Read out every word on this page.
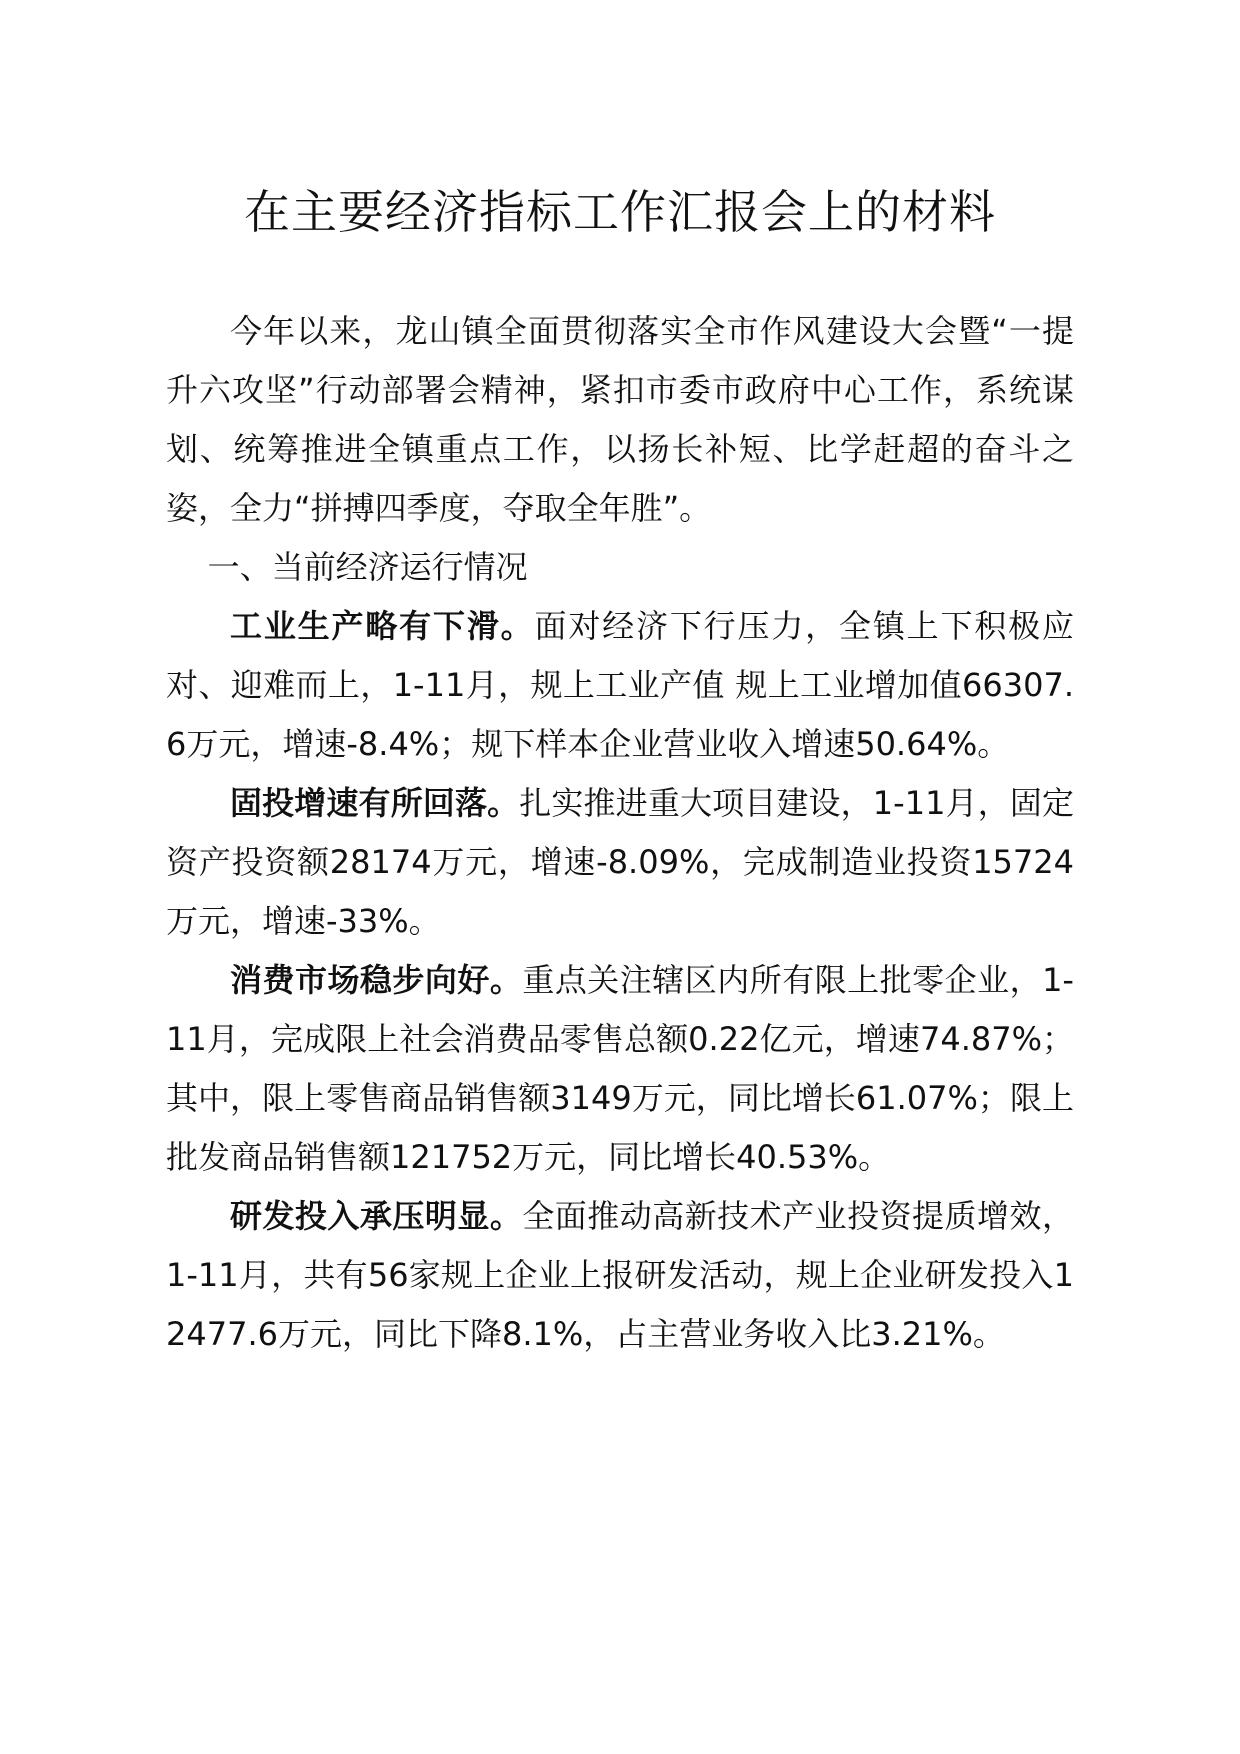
在主要经济指标工作汇报会上的材料

今年以来，龙山镇全面贯彻落实全市作风建设大会暨“一提升六攻坚”行动部署会精神，紧扣市委市政府中心工作，系统谋划、统筹推进全镇重点工作，以扬长补短、比学赶超的奋斗之姿，全力“拼搏四季度，夺取全年胜”。

一、当前经济运行情况

工业生产略有下滑。面对经济下行压力，全镇上下积极应对、迎难而上，1-11月，规上工业产值 规上工业增加值66307.6万元，增速-8.4%；规下样本企业营业收入增速50.64%。

固投增速有所回落。扎实推进重大项目建设，1-11月，固定资产投资额28174万元，增速-8.09%，完成制造业投资15724万元，增速-33%。

消费市场稳步向好。重点关注辖区内所有限上批零企业，1-11月，完成限上社会消费品零售总额0.22亿元，增速74.87%；其中，限上零售商品销售额3149万元，同比增长61.07%；限上批发商品销售额121752万元，同比增长40.53%。

研发投入承压明显。全面推动高新技术产业投资提质增效，1-11月，共有56家规上企业上报研发活动，规上企业研发投入12477.6万元，同比下降8.1%，占主营业务收入比3.21%。
